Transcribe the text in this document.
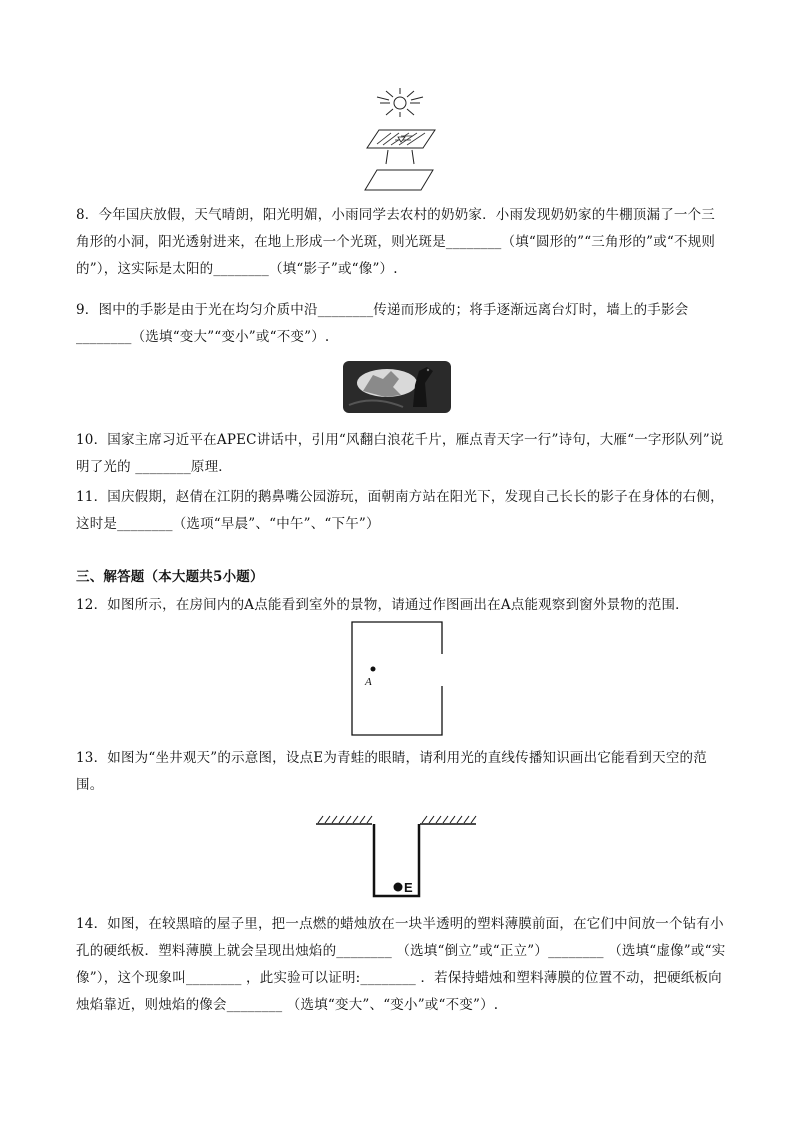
8．今年国庆放假，天气晴朗，阳光明媚，小雨同学去农村的奶奶家．小雨发现奶奶家的牛棚顶漏了一个三角形的小洞，阳光透射进来，在地上形成一个光斑，则光斑是________（填“圆形的”“三角形的”或“不规则的”），这实际是太阳的________（填“影子”或“像”）.

9．图中的手影是由于光在均匀介质中沿________传递而形成的；将手逐渐远离台灯时，墙上的手影会________（选填“变大”“变小”或“不变”）.

10．国家主席习近平在APEC讲话中，引用“风翻白浪花千片，雁点青天字一行”诗句，大雁“一字形队列”说明了光的 ________原理．

11．国庆假期，赵倩在江阴的鹅鼻嘴公园游玩，面朝南方站在阳光下，发现自己长长的影子在身体的右侧，这时是________（选项“早晨”、“中午”、“下午”）

三、解答题（本大题共5小题）

12．如图所示，在房间内的A点能看到室外的景物，请通过作图画出在A点能观察到窗外景物的范围．

A

13．如图为“坐井观天”的示意图，设点E为青蛙的眼睛，请利用光的直线传播知识画出它能看到天空的范围。

E

14．如图，在较黑暗的屋子里，把一点燃的蜡烛放在一块半透明的塑料薄膜前面，在它们中间放一个钻有小孔的硬纸板．塑料薄膜上就会呈现出烛焰的________ （选填“倒立”或“正立”）________ （选填“虚像”或“实像”），这个现象叫________ ，此实验可以证明:________ ．若保持蜡烛和塑料薄膜的位置不动，把硬纸板向烛焰靠近，则烛焰的像会________ （选填“变大”、“变小”或“不变”）.
